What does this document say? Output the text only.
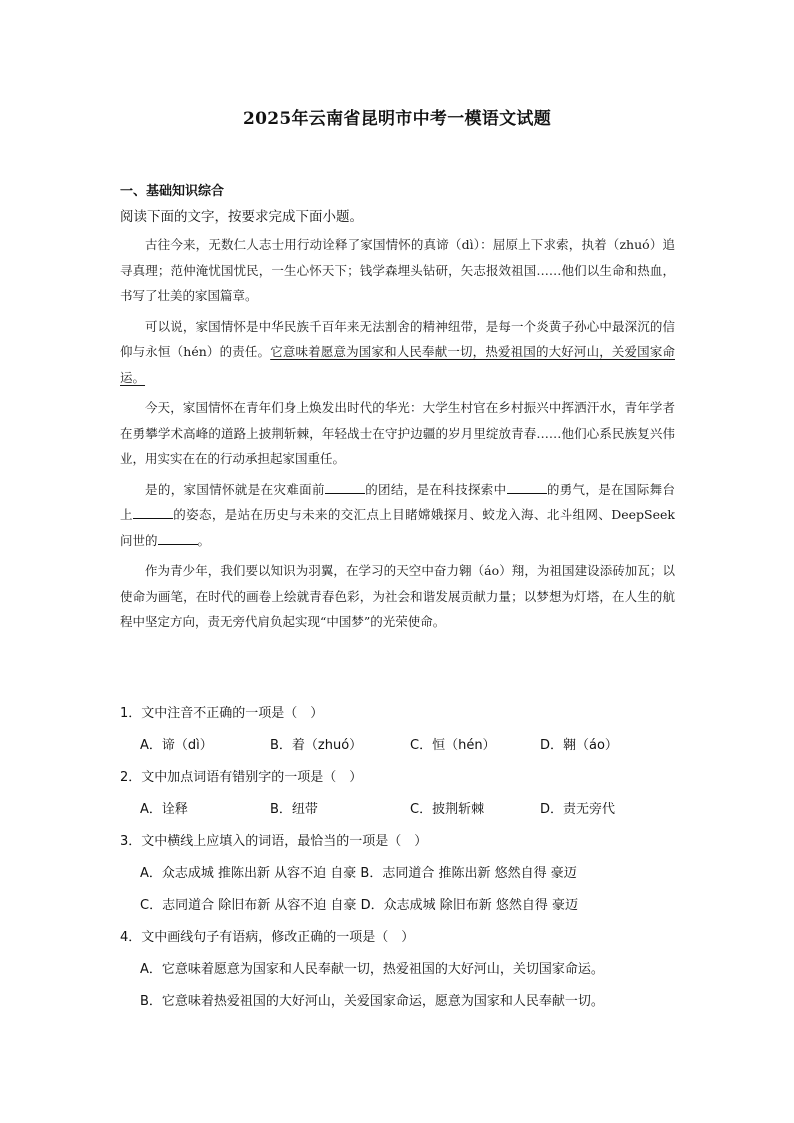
2025年云南省昆明市中考一模语文试题
一、基础知识综合
阅读下面的文字，按要求完成下面小题。

古往今来，无数仁人志士用行动诠释了家国情怀的真谛（dì）：屈原上下求索，执着（zhuó）追寻真理；范仲淹忧国忧民，一生心怀天下；钱学森埋头钻研，矢志报效祖国……他们以生命和热血，书写了壮美的家国篇章。

可以说，家国情怀是中华民族千百年来无法割舍的精神纽带，是每一个炎黄子孙心中最深沉的信仰与永恒（hén）的责任。它意味着愿意为国家和人民奉献一切，热爱祖国的大好河山，关爱国家命运。

今天，家国情怀在青年们身上焕发出时代的华光：大学生村官在乡村振兴中挥洒汗水，青年学者在勇攀学术高峰的道路上披荆斩棘，年轻战士在守护边疆的岁月里绽放青春……他们心系民族复兴伟业，用实实在在的行动承担起家国重任。

是的，家国情怀就是在灾难面前	的团结，是在科技探索中	的勇气，是在国际舞台上	的姿态，是站在历史与未来的交汇点上目睹嫦娥探月、蛟龙入海、北斗组网、DeepSeek 问世的	。

作为青少年，我们要以知识为羽翼，在学习的天空中奋力翱（áo）翔，为祖国建设添砖加瓦；以使命为画笔，在时代的画卷上绘就青春色彩，为社会和谐发展贡献力量；以梦想为灯塔，在人生的航程中坚定方向，责无旁代肩负起实现“中国梦”的光荣使命。

1．文中注音不正确的一项是（　）
A．谛（dì）	B．着（zhuó）	C．恒（hén）	D．翱（áo）
2．文中加点词语有错别字的一项是（　）
A．诠释	B．纽带	C．披荆斩棘	D．责无旁代
3．文中横线上应填入的词语，最恰当的一项是（　）
A．众志成城 推陈出新 从容不迫 自豪 B．志同道合 推陈出新 悠然自得 豪迈
C．志同道合 除旧布新 从容不迫 自豪 D．众志成城 除旧布新 悠然自得 豪迈
4．文中画线句子有语病，修改正确的一项是（　）
A．它意味着愿意为国家和人民奉献一切，热爱祖国的大好河山，关切国家命运。
B．它意味着热爱祖国的大好河山，关爱国家命运，愿意为国家和人民奉献一切。
